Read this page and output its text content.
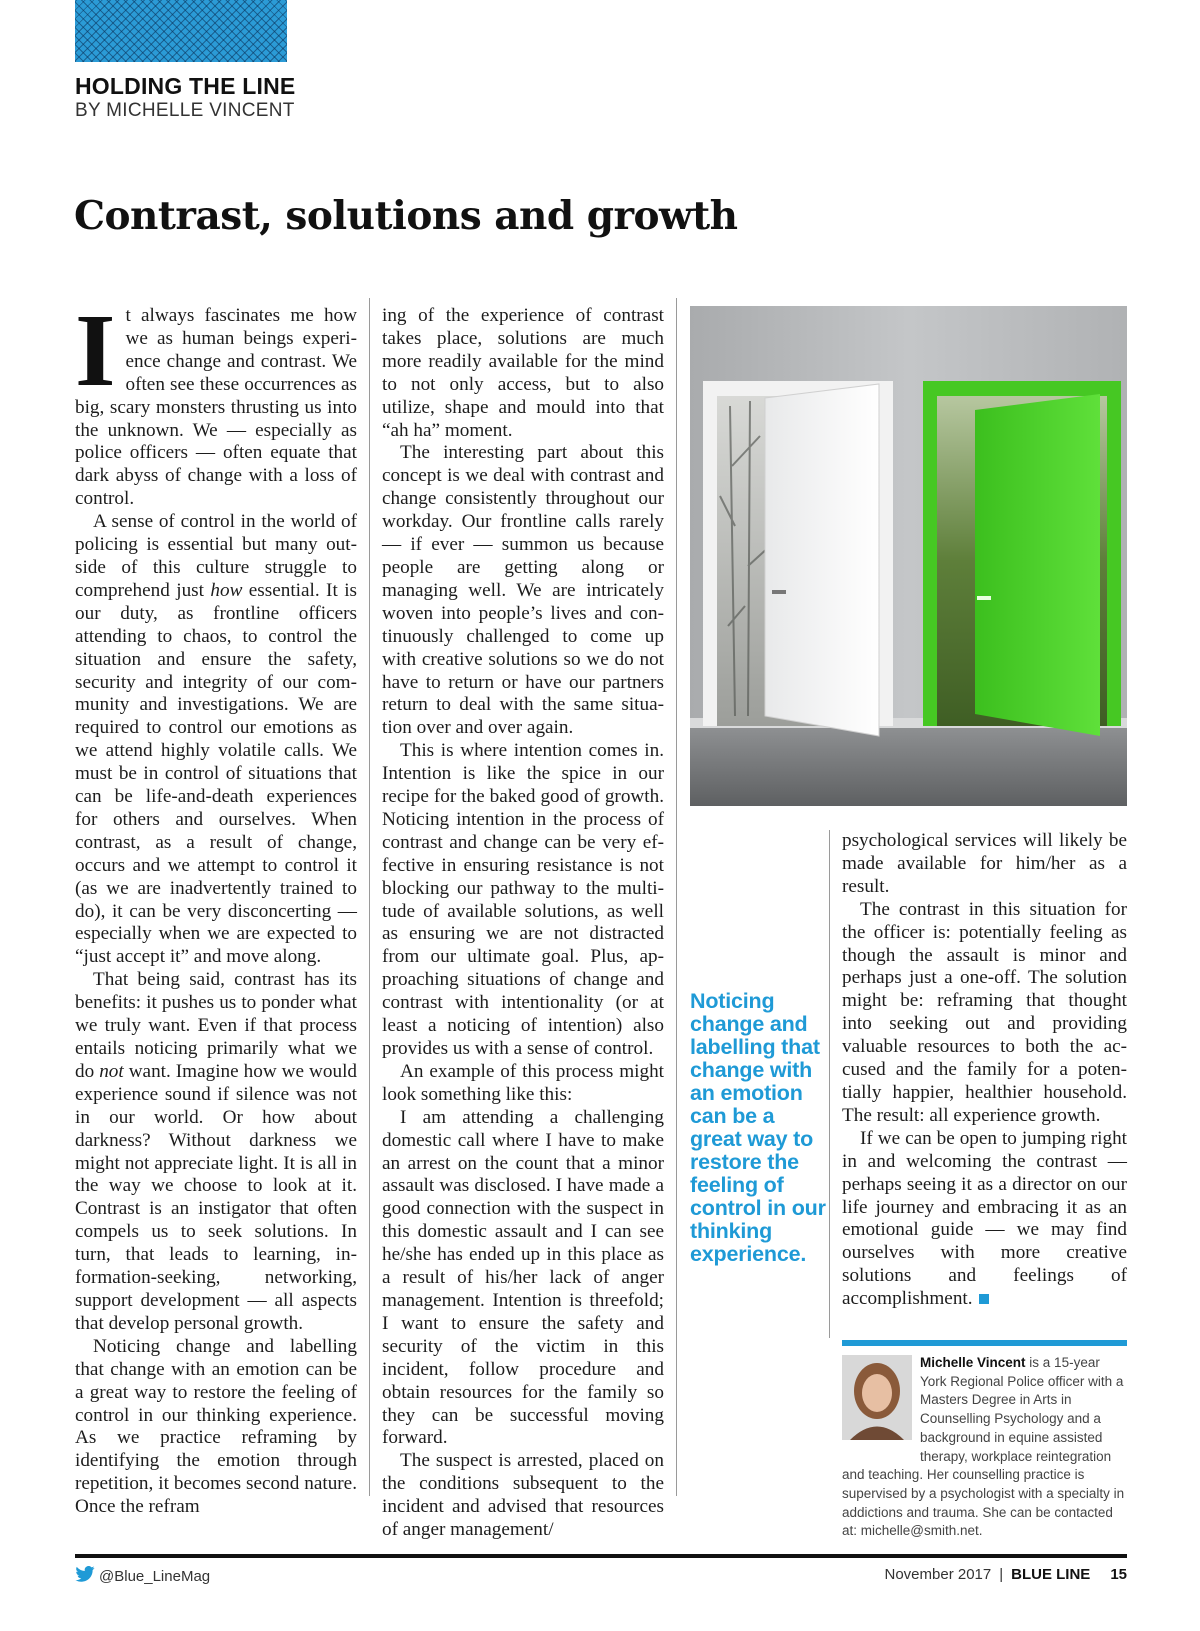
HOLDING THE LINE
BY MICHELLE VINCENT
Contrast, solutions and growth
I t always fascinates me how we as human beings experience change and contrast. We often see these occurrences as big, scary monsters thrusting us into the unknown. We — especially as police officers — often equate that dark abyss of change with a loss of control.

A sense of control in the world of policing is essential but many outside of this culture struggle to comprehend just how essential. It is our duty, as frontline officers attending to chaos, to control the situation and ensure the safety, security and integrity of our community and investigations. We are required to control our emotions as we attend highly volatile calls. We must be in control of situations that can be life-and-death experiences for others and ourselves. When contrast, as a result of change, occurs and we attempt to control it (as we are inadvertently trained to do), it can be very disconcerting — especially when we are expected to “just accept it” and move along.

That being said, contrast has its benefits: it pushes us to ponder what we truly want. Even if that process entails noticing primarily what we do not want. Imagine how we would experience sound if silence was not in our world. Or how about darkness? Without darkness we might not appreciate light. It is all in the way we choose to look at it. Contrast is an instigator that often compels us to seek solutions. In turn, that leads to learning, information-seeking, networking, support development — all aspects that develop personal growth.

Noticing change and labelling that change with an emotion can be a great way to restore the feeling of control in our thinking experience. As we practice reframing by identifying the emotion through repetition, it becomes second nature. Once the refram

ing of the experience of contrast takes place, solutions are much more readily available for the mind to not only access, but to also utilize, shape and mould into that “ah ha” moment.

The interesting part about this concept is we deal with contrast and change consistently throughout our workday. Our frontline calls rarely — if ever — summon us because people are getting along or managing well. We are intricately woven into people’s lives and continuously challenged to come up with creative solutions so we do not have to return or have our partners return to deal with the same situation over and over again.

This is where intention comes in. Intention is like the spice in our recipe for the baked good of growth. Noticing intention in the process of contrast and change can be very effective in ensuring resistance is not blocking our pathway to the multitude of available solutions, as well as ensuring we are not distracted from our ultimate goal. Plus, approaching situations of change and contrast with intentionality (or at least a noticing of intention) also provides us with a sense of control.

An example of this process might look something like this:

I am attending a challenging domestic call where I have to make an arrest on the count that a minor assault was disclosed. I have made a good connection with the suspect in this domestic assault and I can see he/she has ended up in this place as a result of his/her lack of anger management. Intention is threefold; I want to ensure the safety and security of the victim in this incident, follow procedure and obtain resources for the family so they can be successful moving forward.

The suspect is arrested, placed on the conditions subsequent to the incident and advised that resources of anger management/

Noticing change and labelling that change with an emotion can be a great way to restore the feeling of control in our thinking experience.

psychological services will likely be made available for him/her as a result.

The contrast in this situation for the officer is: potentially feeling as though the assault is minor and perhaps just a one-off. The solution might be: reframing that thought into seeking out and providing valuable resources to both the accused and the family for a potentially happier, healthier household. The result: all experience growth.

If we can be open to jumping right in and welcoming the contrast — perhaps seeing it as a director on our life journey and embracing it as an emotional guide — we may find ourselves with more creative solutions and feelings of accomplishment.

Michelle Vincent is a 15-year York Regional Police officer with a Masters Degree in Arts in Counselling Psychology and a background in equine assisted therapy, workplace reintegration and teaching. Her counselling practice is supervised by a psychologist with a specialty in addictions and trauma. She can be contacted at: michelle@smith.net.

@Blue_LineMag	November 2017 | BLUE LINE 15
